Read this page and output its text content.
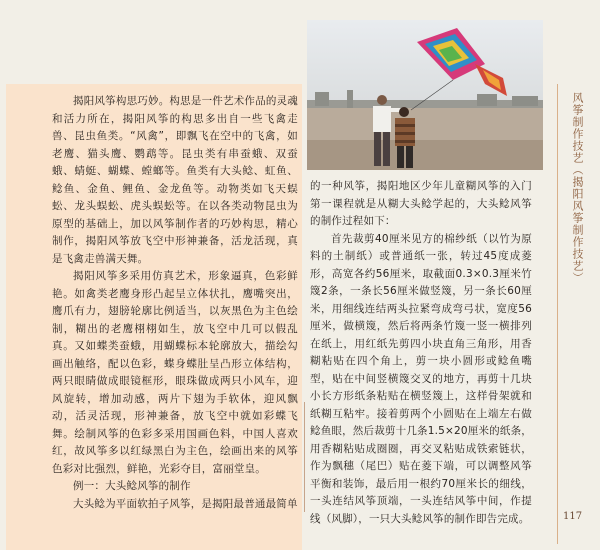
揭阳风筝构思巧妙。构思是一件艺术作品的灵魂和活力所在，揭阳风筝的构思多出自一些飞禽走兽、昆虫鱼类。“风禽”，即飘飞在空中的飞禽，如老鹰、猫头鹰、鹦鹉等。昆虫类有串蚕蛾、双蚕蛾、蜻蜓、蝴蝶、螳螂等。鱼类有大头鲶、虹鱼、鲶鱼、金鱼、鲤鱼、金龙鱼等。动物类如飞天蜈蚣、龙头蜈蚣、虎头蜈蚣等。在以各类动物昆虫为原型的基础上，加以风筝制作者的巧妙构思，精心制作，揭阳风筝放飞空中形神兼备，活龙活现，真是飞禽走兽满天舞。

揭阳风筝多采用仿真艺术，形象逼真，色彩鲜艳。如禽类老鹰身形凸起呈立体状扎，鹰嘴突出，鹰爪有力，翅膀轮廓比例适当，以灰黑色为主色绘制，糊出的老鹰栩栩如生，放飞空中几可以假乱真。又如蝶类蚕蛾，用蝴蝶标本轮廓放大，描绘勾画出触络，配以色彩，蝶身蝶肚呈凸形立体结构，两只眼睛做成眼镜框形，眼珠做成两只小风车，迎风旋转，增加动感，两片下翅为手软体，迎风飘动，活灵活现，形神兼备，放飞空中就如彩蝶飞舞。绘制风筝的色彩多采用国画色料，中国人喜欢红，故风筝多以红绿黑白为主色，绘画出来的风筝色彩对比强烈，鲜艳，光彩夺目，富丽堂皇。

例一：大头鲶风筝的制作

大头鲶为平面软拍子风筝，是揭阳最普通最简单

的一种风筝，揭阳地区少年儿童糊风筝的入门第一课程就是从糊大头鲶学起的，大头鲶风筝的制作过程如下：

首先裁剪40厘米见方的棉纱纸（以竹为原料的土制纸）或普通纸一张，转过45度成菱形，高宽各约56厘米，取截面0.3×0.3厘米竹篾2条，一条长56厘米做竖篾，另一条长60厘米，用细线连结两头拉紧弯成弯弓状，宽度56厘米，做横篾，然后将两条竹篾一竖一横排列在纸上，用红纸先剪四小块直角三角形，用香糊粘贴在四个角上，剪一块小圆形或鲶鱼嘴型，贴在中间竖横篾交叉的地方，再剪十几块小长方形纸条粘贴在横竖篾上，这样骨架就和纸糊互粘牢。接着剪两个小圆贴在上端左右做鲶鱼眼，然后裁剪十几条1.5×20厘米的纸条，用香糊粘贴成圈圈，再交叉粘贴成铁索链状，作为飘穗（尾巴）贴在菱下端，可以调整风筝平衡和装饰，最后用一根约70厘米长的细线，一头连结风筝顶端，一头连结风筝中间，作提线（风脚），一只大头鲶风筝的制作即告完成。

风筝制作技艺（揭阳风筝制作技艺）
117
